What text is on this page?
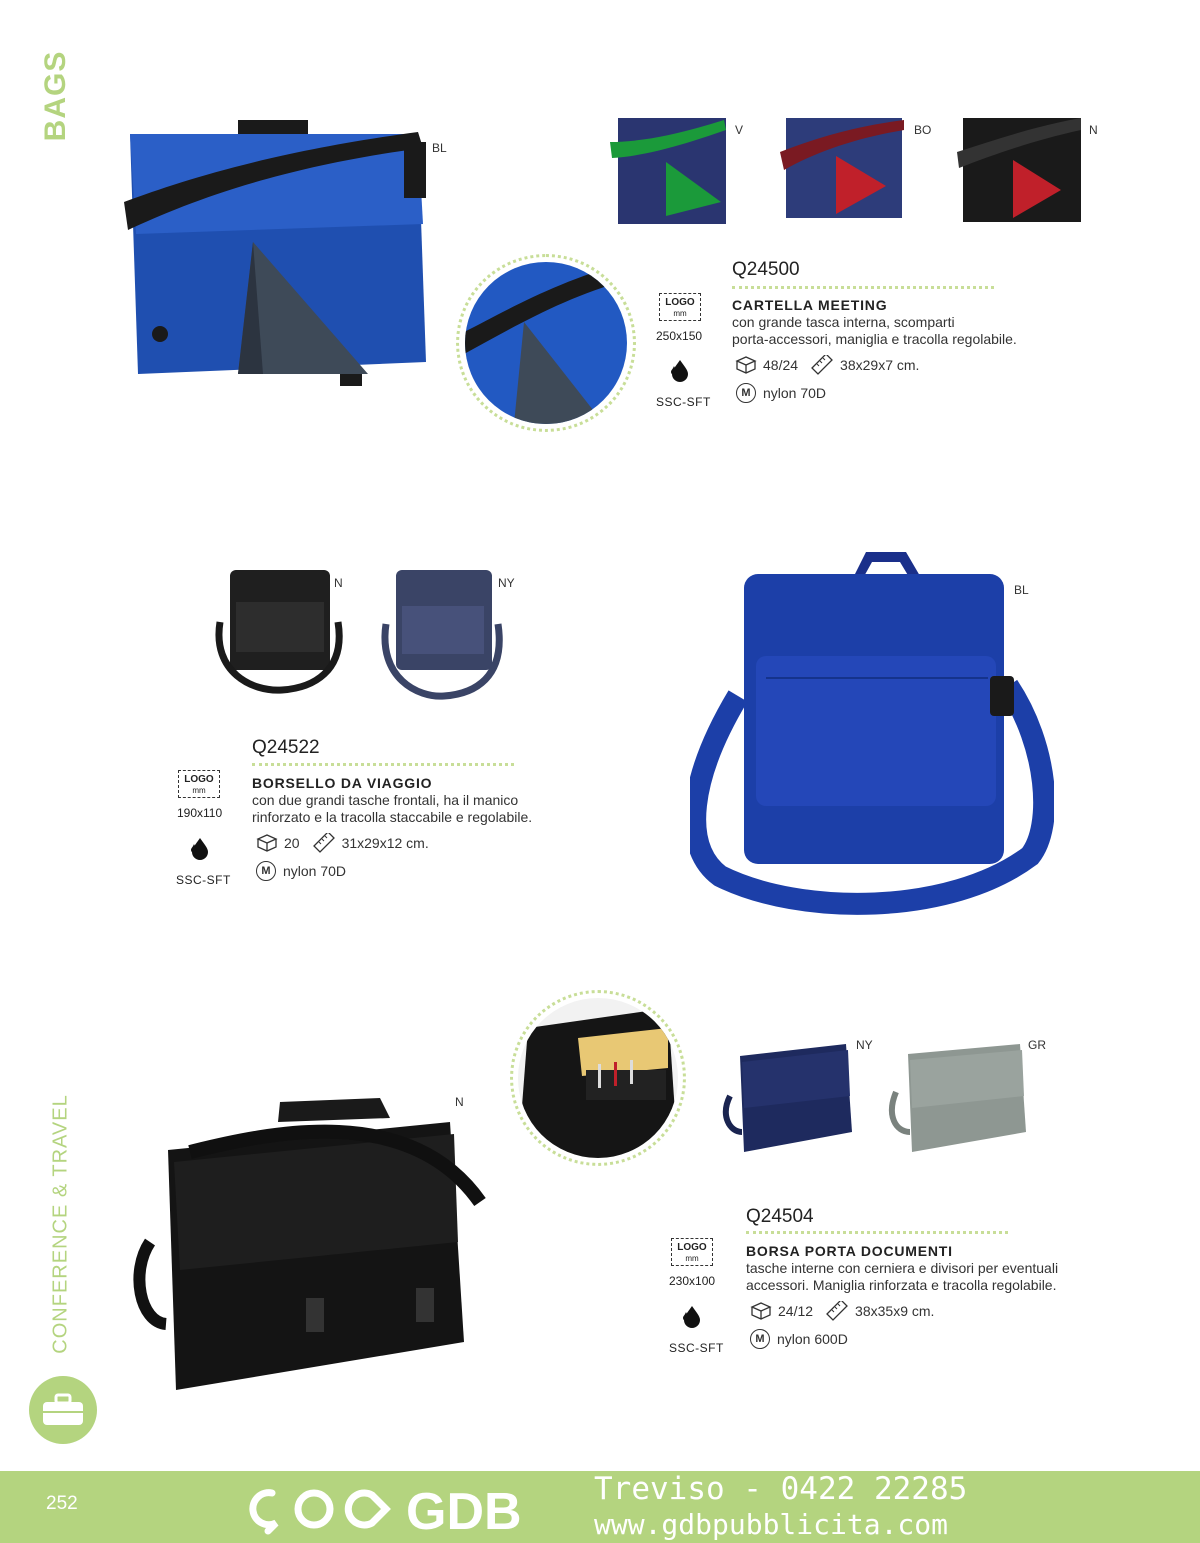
BAGS
CONFERENCE & TRAVEL
BL
V	BO	N
Q24500
CARTELLA MEETING
con grande tasca interna, scomparti
porta-accessori, maniglia e tracolla regolabile.
48/24	38x29x7 cm.
M nylon 70D
LOGO
mm
250x150
SSC-SFT
N	NY	BL
Q24522
BORSELLO DA VIAGGIO
con due grandi tasche frontali, ha il manico
rinforzato e la tracolla staccabile e regolabile.
20	31x29x12 cm.
M nylon 70D
LOGO
mm
190x110
SSC-SFT
N
NY	GR
Q24504
BORSA PORTA DOCUMENTI
tasche interne con cerniera e divisori per eventuali
accessori. Maniglia rinforzata e tracolla regolabile.
24/12	38x35x9 cm.
M nylon 600D
LOGO
mm
230x100
SSC-SFT
252	GDB Treviso - 0422 22285
www.gdbpubblicita.com
